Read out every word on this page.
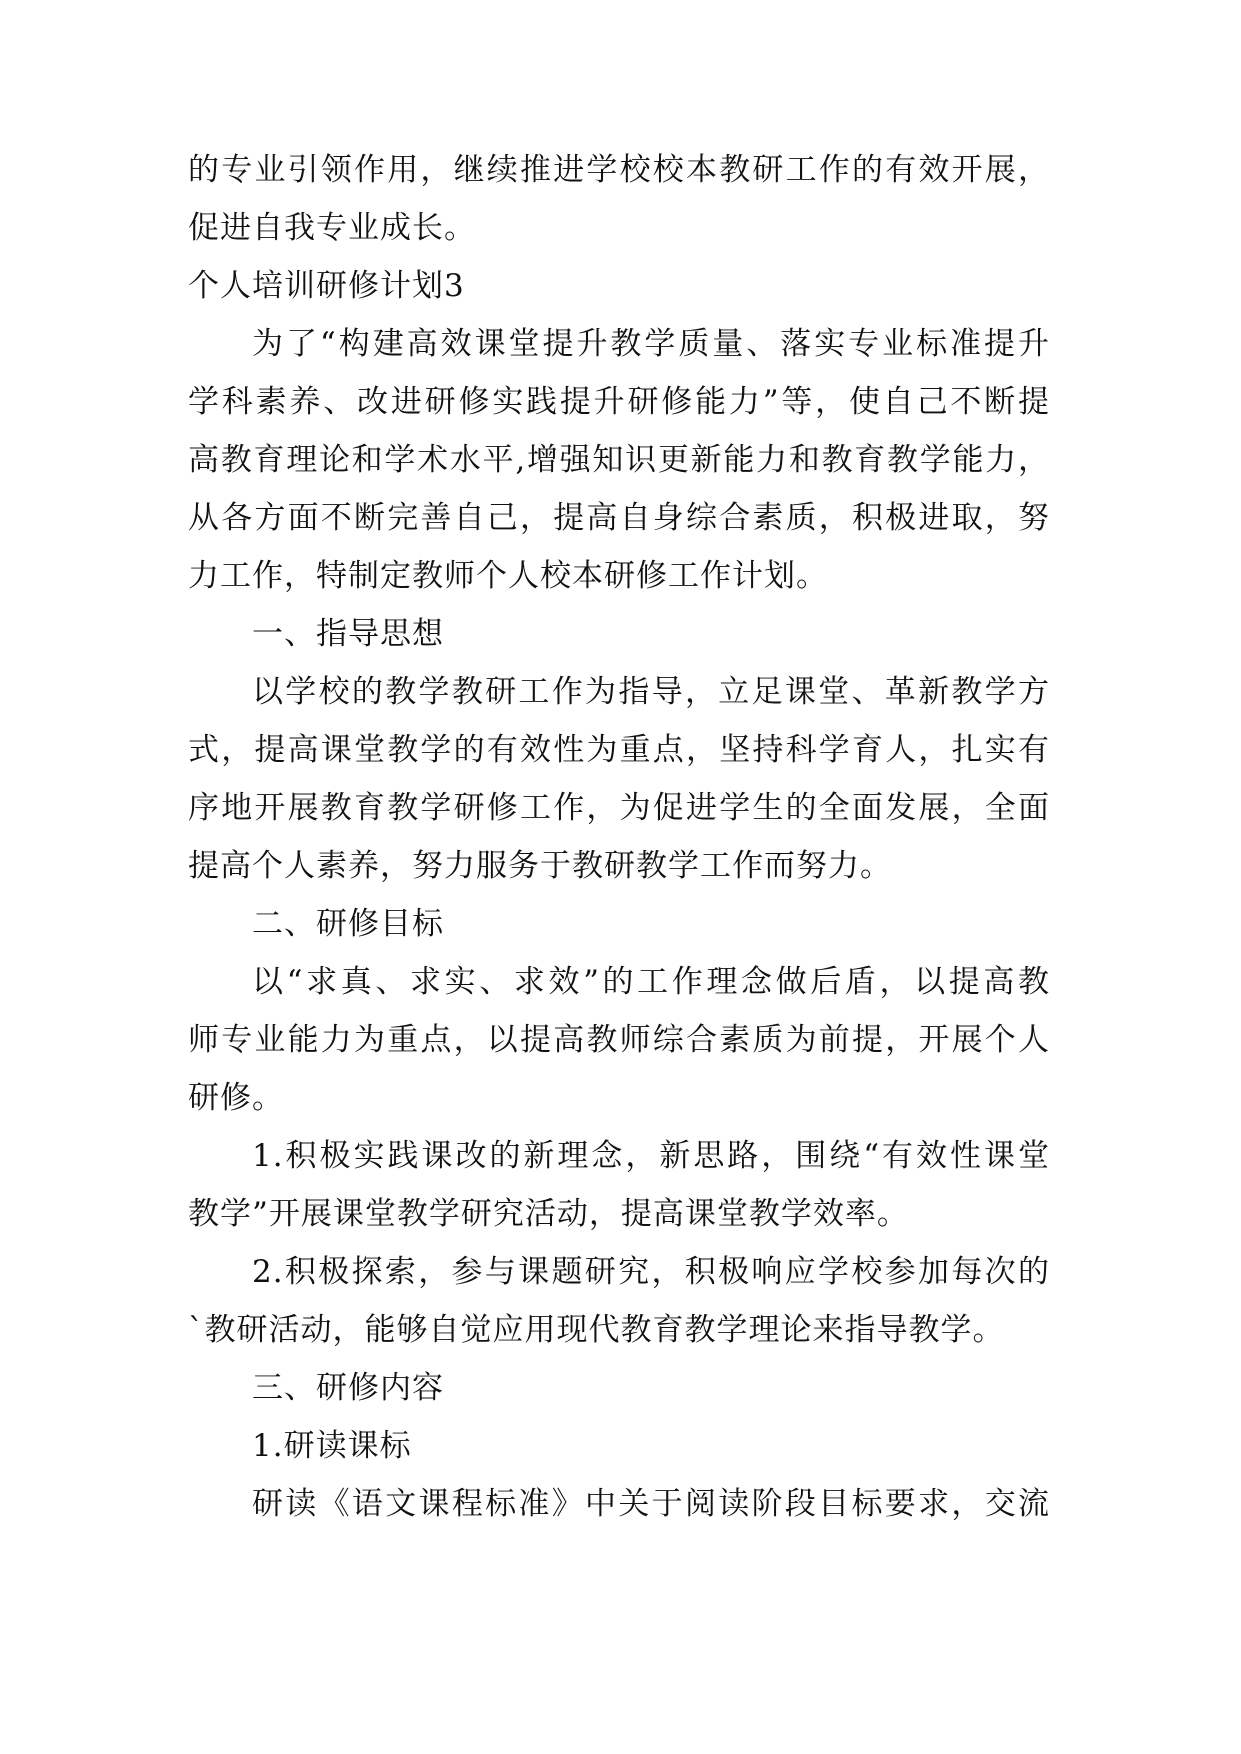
的专业引领作用，继续推进学校校本教研工作的有效开展，
促进自我专业成长。
个人培训研修计划3
为了“构建高效课堂提升教学质量、落实专业标准提升
学科素养、改进研修实践提升研修能力”等，使自己不断提
高教育理论和学术水平,增强知识更新能力和教育教学能力，
从各方面不断完善自己，提高自身综合素质，积极进取，努
力工作，特制定教师个人校本研修工作计划。
一、指导思想
以学校的教学教研工作为指导，立足课堂、革新教学方
式，提高课堂教学的有效性为重点，坚持科学育人，扎实有
序地开展教育教学研修工作，为促进学生的全面发展，全面
提高个人素养，努力服务于教研教学工作而努力。
二、研修目标
以“求真、求实、求效”的工作理念做后盾，以提高教
师专业能力为重点，以提高教师综合素质为前提，开展个人
研修。
1.积极实践课改的新理念，新思路，围绕“有效性课堂
教学”开展课堂教学研究活动，提高课堂教学效率。
2.积极探索，参与课题研究，积极响应学校参加每次的
`教研活动，能够自觉应用现代教育教学理论来指导教学。
三、研修内容
1.研读课标
研读《语文课程标准》中关于阅读阶段目标要求，交流
